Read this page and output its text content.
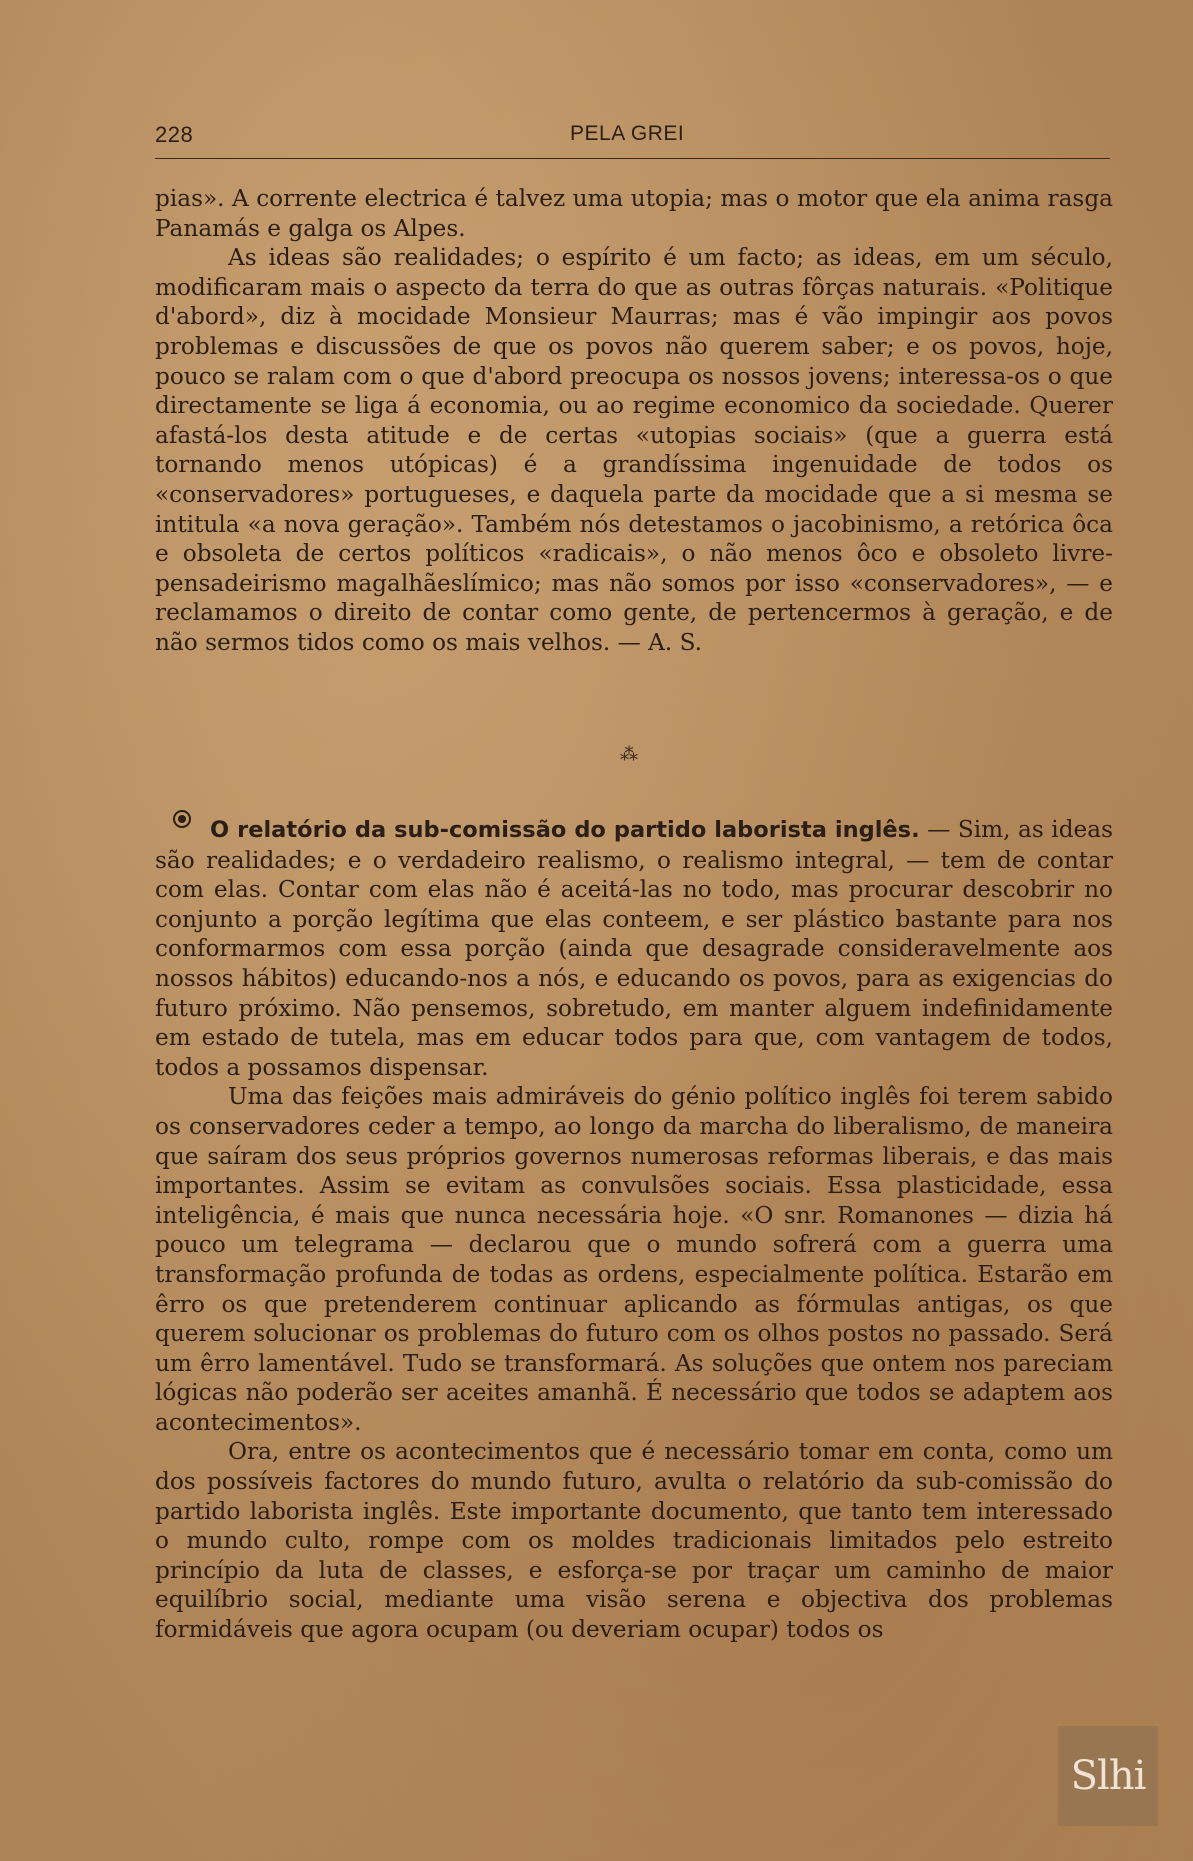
228	PELA GREI

pias». A corrente electrica é talvez uma utopia; mas o motor que ela anima rasga Panamás e galga os Alpes.

As ideas são realidades; o espírito é um facto; as ideas, em um século, modificaram mais o aspecto da terra do que as outras fôrças naturais. «Politique d'abord», diz à mocidade Monsieur Maurras; mas é vão impingir aos povos problemas e discussões de que os povos não querem saber; e os povos, hoje, pouco se ralam com o que d'abord preocupa os nossos jovens; interessa-os o que directamente se liga á economia, ou ao regime economico da sociedade. Querer afastá-los desta atitude e de certas «utopias sociais» (que a guerra está tornando menos utópicas) é a grandíssima ingenuidade de todos os «conservadores» portugueses, e daquela parte da mocidade que a si mesma se intitula «a nova geração». Também nós detestamos o jacobinismo, a retórica ôca e obsoleta de certos políticos «radicais», o não menos ôco e obsoleto livre-pensadeirismo magalhãeslímico; mas não somos por isso «conservadores», — e reclamamos o direito de contar como gente, de pertencermos à geração, e de não sermos tidos como os mais velhos. — A. S.

⁂

O relatório da sub-comissão do partido laborista inglês. — Sim, as ideas são realidades; e o verdadeiro realismo, o realismo integral, — tem de contar com elas. Contar com elas não é aceitá-las no todo, mas procurar descobrir no conjunto a porção legítima que elas conteem, e ser plástico bastante para nos conformarmos com essa porção (ainda que desagrade consideravelmente aos nossos hábitos) educando-nos a nós, e educando os povos, para as exigencias do futuro próximo. Não pensemos, sobretudo, em manter alguem indefinidamente em estado de tutela, mas em educar todos para que, com vantagem de todos, todos a possamos dispensar.

Uma das feições mais admiráveis do génio político inglês foi terem sabido os conservadores ceder a tempo, ao longo da marcha do liberalismo, de maneira que saíram dos seus próprios governos numerosas reformas liberais, e das mais importantes. Assim se evitam as convulsões sociais. Essa plasticidade, essa inteligência, é mais que nunca necessária hoje. «O snr. Romanones — dizia há pouco um telegrama — declarou que o mundo sofrerá com a guerra uma transformação profunda de todas as ordens, especialmente política. Estarão em êrro os que pretenderem continuar aplicando as fórmulas antigas, os que querem solucionar os problemas do futuro com os olhos postos no passado. Será um êrro lamentável. Tudo se transformará. As soluções que ontem nos pareciam lógicas não poderão ser aceites amanhã. É necessário que todos se adaptem aos acontecimentos».

Ora, entre os acontecimentos que é necessário tomar em conta, como um dos possíveis factores do mundo futuro, avulta o relatório da sub-comissão do partido laborista inglês. Este importante documento, que tanto tem interessado o mundo culto, rompe com os moldes tradicionais limitados pelo estreito princípio da luta de classes, e esforça-se por traçar um caminho de maior equilíbrio social, mediante uma visão serena e objectiva dos problemas formidáveis que agora ocupam (ou deveriam ocupar) todos os

Slhi
